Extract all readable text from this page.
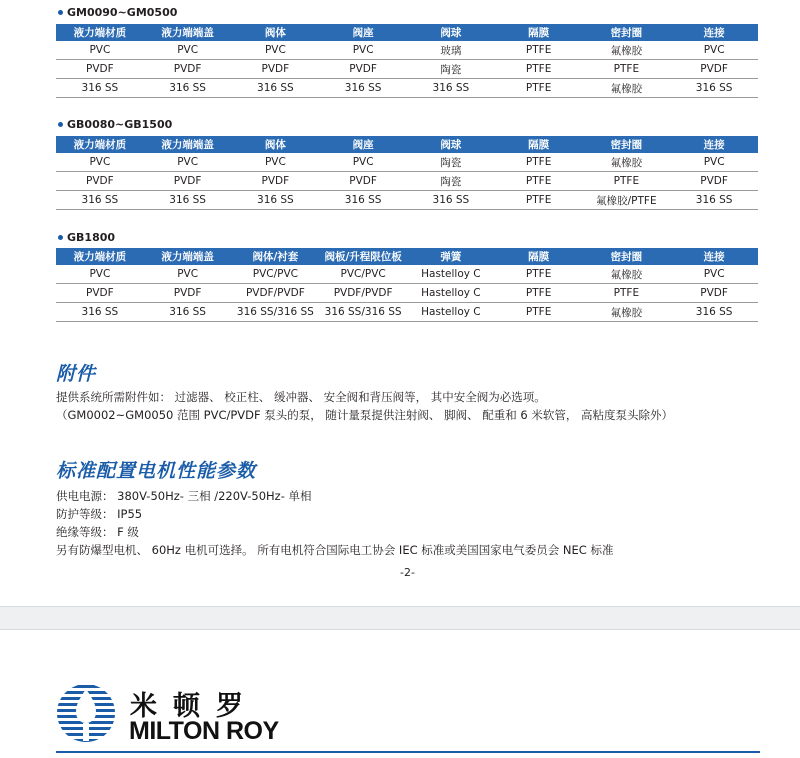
GM0090~GM0500
液力端材质	液力端端盖	阀体	阀座	阀球	隔膜	密封圈	连接
PVC	PVC	PVC	PVC	玻璃	PTFE	氟橡胶	PVC
PVDF	PVDF	PVDF	PVDF	陶瓷	PTFE	PTFE	PVDF
316 SS	316 SS	316 SS	316 SS	316 SS	PTFE	氟橡胶	316 SS
GB0080~GB1500
液力端材质	液力端端盖	阀体	阀座	阀球	隔膜	密封圈	连接
PVC	PVC	PVC	PVC	陶瓷	PTFE	氟橡胶	PVC
PVDF	PVDF	PVDF	PVDF	陶瓷	PTFE	PTFE	PVDF
316 SS	316 SS	316 SS	316 SS	316 SS	PTFE	氟橡胶/PTFE	316 SS
GB1800
液力端材质	液力端端盖	阀体/衬套	阀板/升程限位板	弹簧	隔膜	密封圈	连接
PVC	PVC	PVC/PVC	PVC/PVC	Hastelloy C	PTFE	氟橡胶	PVC
PVDF	PVDF	PVDF/PVDF	PVDF/PVDF	Hastelloy C	PTFE	PTFE	PVDF
316 SS	316 SS	316 SS/316 SS	316 SS/316 SS	Hastelloy C	PTFE	氟橡胶	316 SS
附件
提供系统所需附件如： 过滤器、 校正柱、 缓冲器、 安全阀和背压阀等， 其中安全阀为必选项。
（GM0002~GM0050 范围 PVC/PVDF 泵头的泵， 随计量泵提供注射阀、 脚阀、 配重和 6 米软管， 高粘度泵头除外）
标准配置电机性能参数
供电电源： 380V-50Hz- 三相 /220V-50Hz- 单相
防护等级： IP55
绝缘等级： F 级
另有防爆型电机、 60Hz 电机可选择。 所有电机符合国际电工协会 IEC 标准或美国国家电气委员会 NEC 标准
-2-
米顿罗
MILTON ROY
